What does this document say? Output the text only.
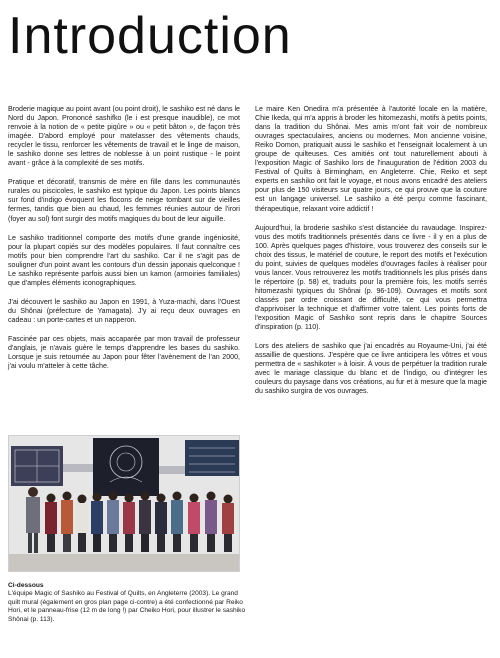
Introduction

Broderie magique au point avant (ou point droit), le sashiko est né dans le Nord du Japon. Prononcé sashifko (le i est presque inaudible), ce mot renvoie à la notion de « petite piqûre » ou « petit bâton », de façon très imagée. D'abord employé pour matelasser des vêtements chauds, recycler le tissu, renforcer les vêtements de travail et le linge de maison, le sashiko donne ses lettres de noblesse à un point rustique - le point avant - grâce à la complexité de ses motifs.

Pratique et décoratif, transmis de mère en fille dans les communautés rurales ou piscicoles, le sashiko est typique du Japon. Les points blancs sur fond d'indigo évoquent les flocons de neige tombant sur de vieilles fermes, tandis que bien au chaud, les femmes réunies autour de l'irori (foyer au sol) font surgir des motifs magiques du bout de leur aiguille.

Le sashiko traditionnel comporte des motifs d'une grande ingéniosité, pour la plupart copiés sur des modèles populaires. Il faut connaître ces motifs pour bien comprendre l'art du sashiko. Car il ne s'agit pas de souligner d'un point avant les contours d'un dessin japonais quelconque ! Le sashiko représente parfois aussi bien un kamon (armoiries familiales) que d'amples éléments iconographiques.

J'ai découvert le sashiko au Japon en 1991, à Yuza-machi, dans l'Ouest du Shônai (préfecture de Yamagata). J'y ai reçu deux ouvrages en cadeau : un porte-cartes et un napperon.

Fascinée par ces objets, mais accaparée par mon travail de professeur d'anglais, je n'avais guère le temps d'apprendre les bases du sashiko. Lorsque je suis retournée au Japon pour fêter l'avènement de l'an 2000, j'ai voulu m'atteler à cette tâche.

Le maire Ken Onedira m'a présentée à l'autorité locale en la matière, Chie Ikeda, qui m'a appris à broder les hitomezashi, motifs à petits points, dans la tradition du Shônai. Mes amis m'ont fait voir de nombreux ouvrages spectaculaires, anciens ou modernes. Mon ancienne voisine, Reiko Domon, pratiquait aussi le sashiko et l'enseignait localement à un groupe de quilteuses. Ces amitiés ont tout naturellement abouti à l'exposition Magic of Sashiko lors de l'inauguration de l'édition 2003 du Festival of Quilts à Birmingham, en Angleterre. Chie, Reiko et sept experts en sashiko ont fait le voyage, et nous avons encadré des ateliers pour plus de 150 visiteurs sur quatre jours, ce qui prouve que la couture est un langage universel. Le sashiko a été perçu comme fascinant, thérapeutique, relaxant voire addictif !

Aujourd'hui, la broderie sashiko s'est distanciée du ravaudage. Inspirez-vous des motifs traditionnels présentés dans ce livre - il y en a plus de 100. Après quelques pages d'histoire, vous trouverez des conseils sur le choix des tissus, le matériel de couture, le report des motifs et l'exécution du point, suivies de quelques modèles d'ouvrages faciles à réaliser pour vous lancer. Vous retrouverez les motifs traditionnels les plus prisés dans le répertoire (p. 58) et, traduits pour la première fois, les motifs serrés hitomezashi typiques du Shônai (p. 96-109). Ouvrages et motifs sont classés par ordre croissant de difficulté, ce qui vous permettra d'apprivoiser la technique et d'affirmer votre talent. Les points forts de l'exposition Magic of Sashiko sont repris dans le chapitre Sources d'inspiration (p. 110).

Lors des ateliers de sashiko que j'ai encadrés au Royaume-Uni, j'ai été assaillie de questions. J'espère que ce livre anticipera les vôtres et vous permettra de « sashikoter » à loisir. À vous de perpétuer la tradition rurale avec le mariage classique du blanc et de l'indigo, ou d'intégrer les couleurs du paysage dans vos créations, au fur et à mesure que la magie du sashiko surgira de vos ouvrages.

Ci-dessous
L'équipe Magic of Sashiko au Festival of Quilts, en Angleterre (2003). Le grand quilt mural (également en gros plan page ci-contre) a été confectionné par Reiko Hori, et le panneau-frise (12 m de long !) par Cheiko Hori, pour illustrer le sashiko Shônai (p. 113).
